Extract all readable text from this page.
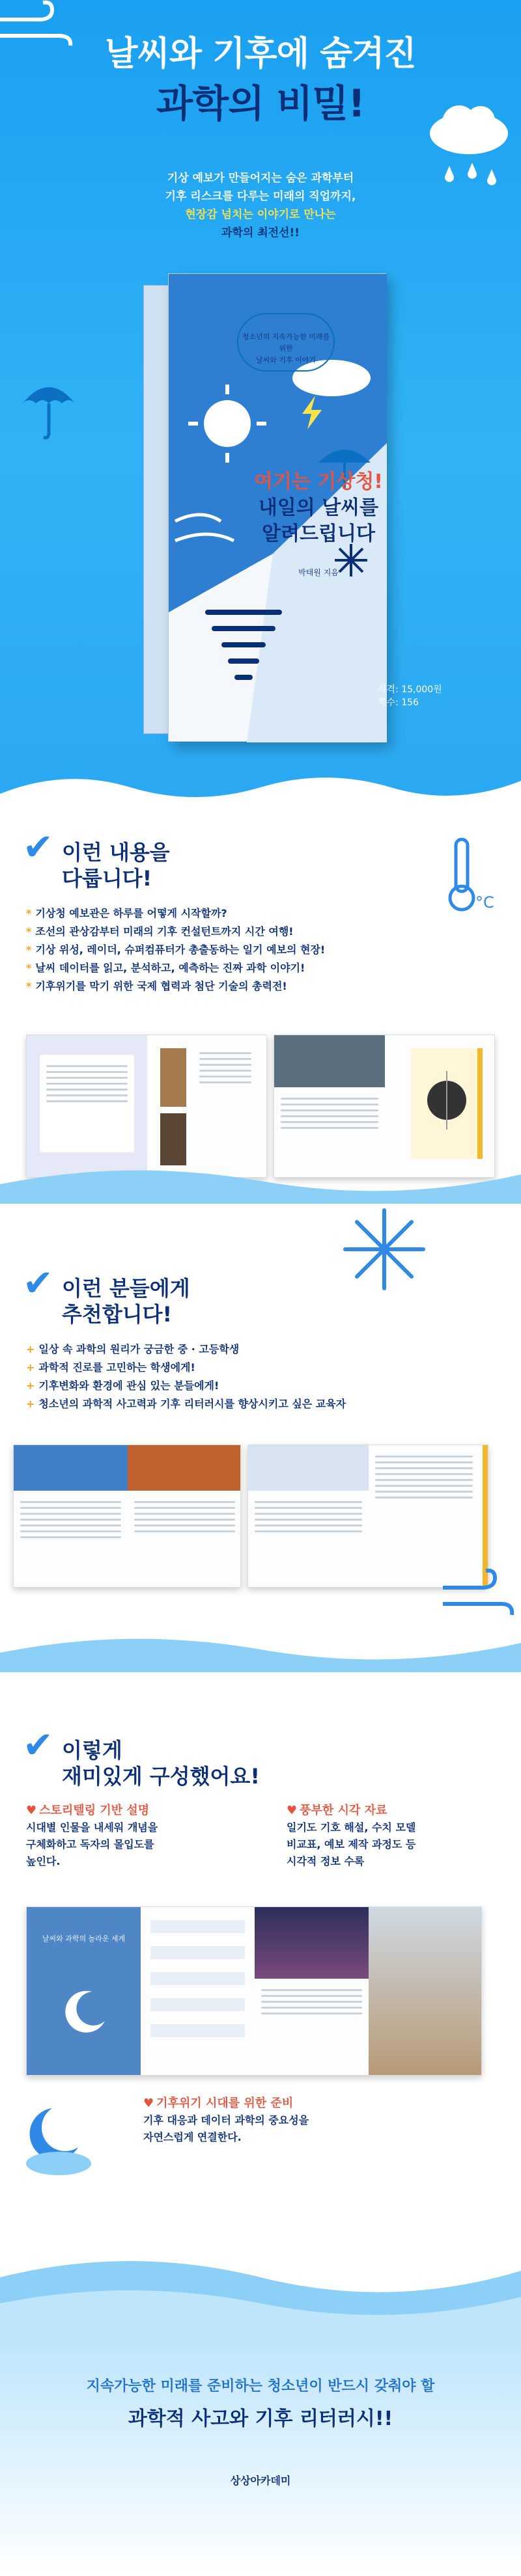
날씨와 기후에 숨겨진
과학의 비밀!
기상 예보가 만들어지는 숨은 과학부터
기후 리스크를 다루는 미래의 직업까지,
현장감 넘치는 이야기로 만나는
과학의 최전선!!
청소년의 지속가능한 미래를 위한
날씨와 기후 이야기
여기는 기상청!
내일의 날씨를
알려드립니다
박태원 지음
가격: 15,000원
쪽수: 156
✔ 이런 내용을
다룹니다!
°C
* 기상청 예보관은 하루를 어떻게 시작할까?
* 조선의 관상감부터 미래의 기후 컨설턴트까지 시간 여행!
* 기상 위성, 레이더, 슈퍼컴퓨터가 총출동하는 일기 예보의 현장!
* 날씨 데이터를 읽고, 분석하고, 예측하는 진짜 과학 이야기!
* 기후위기를 막기 위한 국제 협력과 첨단 기술의 총력전!
✔ 이런 분들에게
추천합니다!
+ 일상 속 과학의 원리가 궁금한 중 · 고등학생
+ 과학적 진로를 고민하는 학생에게!
+ 기후변화와 환경에 관심 있는 분들에게!
+ 청소년의 과학적 사고력과 기후 리터러시를 향상시키고 싶은 교육자
✔ 이렇게
재미있게 구성했어요!
♥ 스토리텔링 기반 설명
시대별 인물을 내세워 개념을
구체화하고 독자의 몰입도를
높인다.
♥ 풍부한 시각 자료
일기도 기호 해설, 수치 모델
비교표, 예보 제작 과정도 등
시각적 정보 수록
날씨와 과학의 놀라운 세계
♥ 기후위기 시대를 위한 준비
기후 대응과 데이터 과학의 중요성을
자연스럽게 연결한다.
지속가능한 미래를 준비하는 청소년이 반드시 갖춰야 할
과학적 사고와 기후 리터러시!!
상상아카데미
